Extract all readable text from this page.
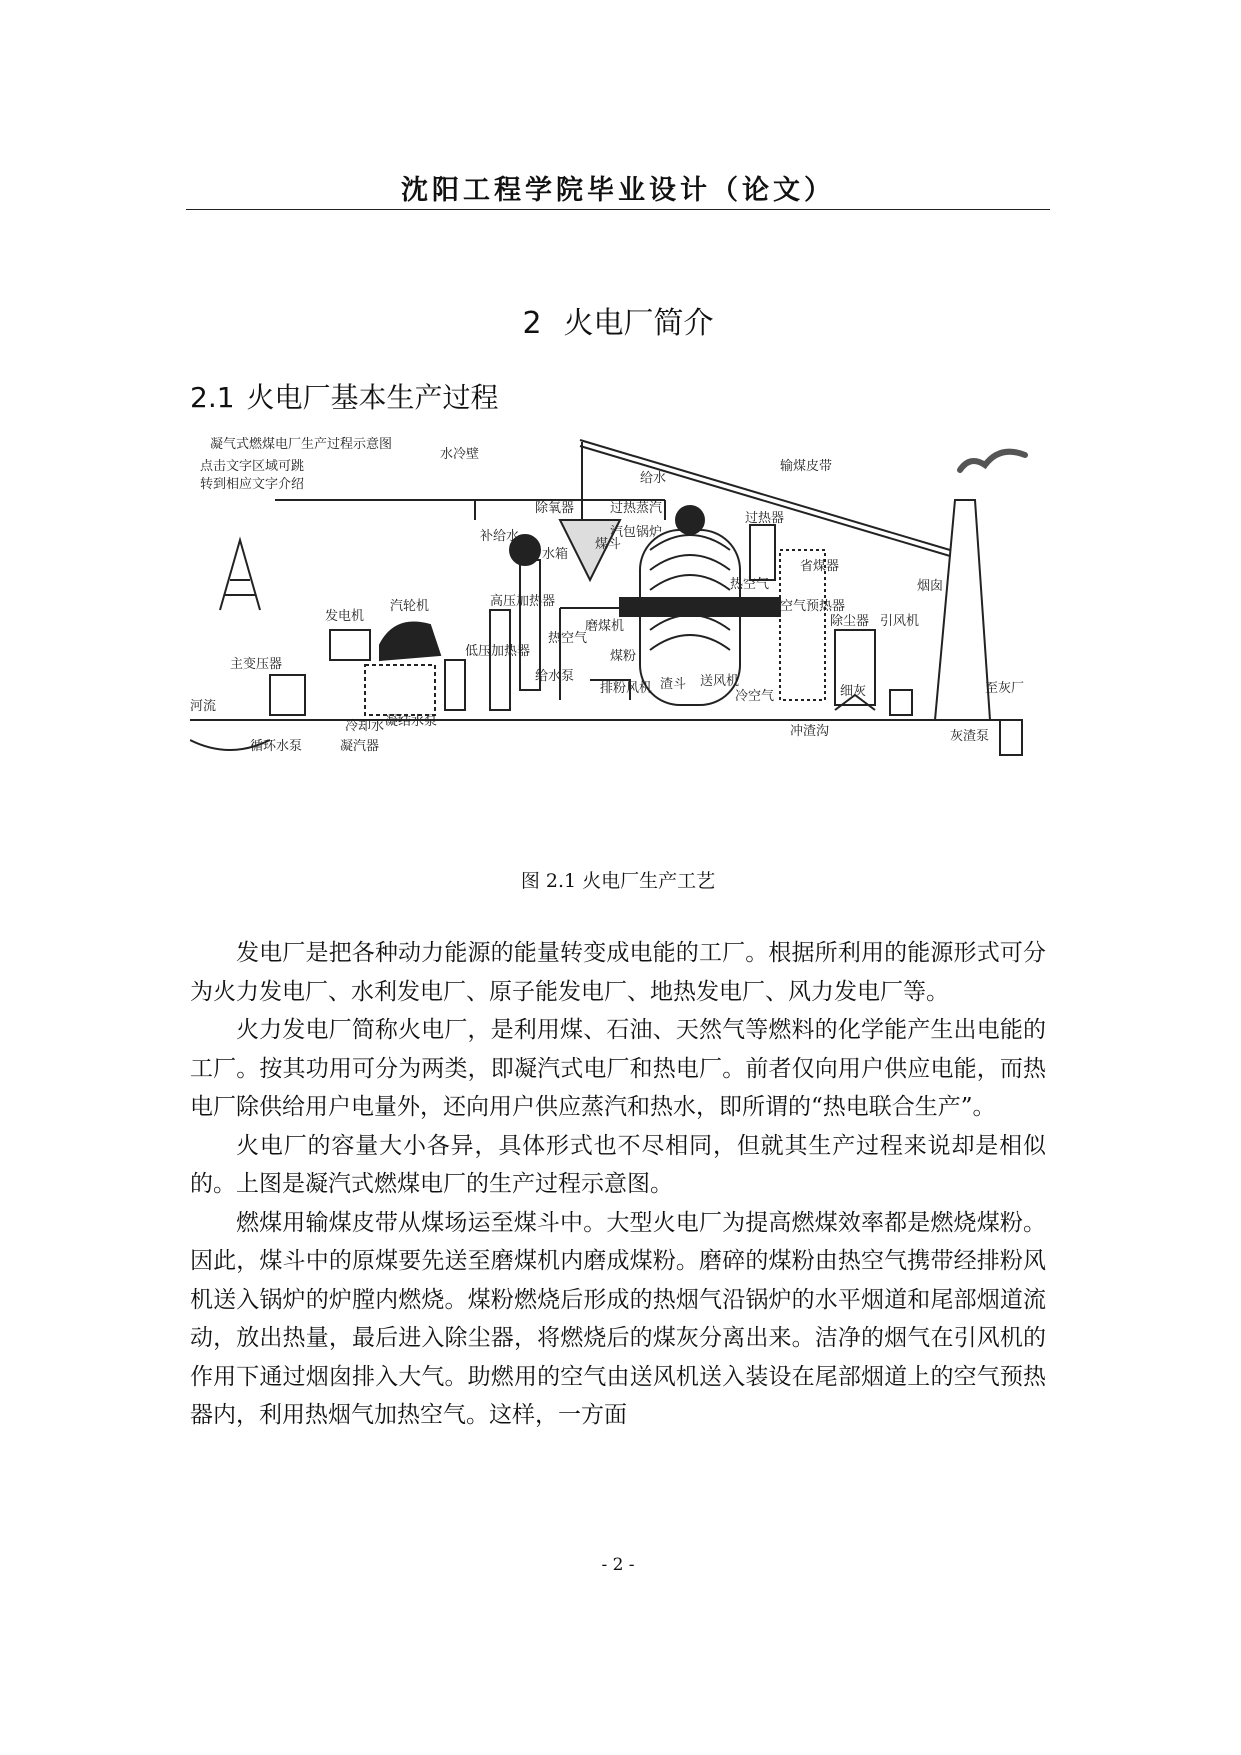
沈阳工程学院毕业设计（论文）
2 火电厂简介
2.1 火电厂基本生产过程
凝气式燃煤电厂生产过程示意图
点击文字区域可跳
转到相应文字介绍
水冷壁
给水
输煤皮带
过热蒸汽
汽包锅炉
过热器
省煤器
烟囱
热空气
空气预热器
除氧器
补给水
水箱
煤斗
发电机
汽轮机	高压加热器
热空气
磨煤机
煤粉
排粉风机 渣斗 送风机
冷空气
除尘器 引风机
细灰	至灰厂
主变压器
河流
冷却水 凝结水泵
低压加热器
给水泵
循环水泵	凝汽器
冲渣沟	灰渣泵
图 2.1 火电厂生产工艺

发电厂是把各种动力能源的能量转变成电能的工厂。根据所利用的能源形式可分为火力发电厂、水利发电厂、原子能发电厂、地热发电厂、风力发电厂等。

火力发电厂简称火电厂，是利用煤、石油、天然气等燃料的化学能产生出电能的工厂。按其功用可分为两类，即凝汽式电厂和热电厂。前者仅向用户供应电能，而热电厂除供给用户电量外，还向用户供应蒸汽和热水，即所谓的“热电联合生产”。

火电厂的容量大小各异，具体形式也不尽相同，但就其生产过程来说却是相似的。上图是凝汽式燃煤电厂的生产过程示意图。

燃煤用输煤皮带从煤场运至煤斗中。大型火电厂为提高燃煤效率都是燃烧煤粉。因此，煤斗中的原煤要先送至磨煤机内磨成煤粉。磨碎的煤粉由热空气携带经排粉风机送入锅炉的炉膛内燃烧。煤粉燃烧后形成的热烟气沿锅炉的水平烟道和尾部烟道流动，放出热量，最后进入除尘器，将燃烧后的煤灰分离出来。洁净的烟气在引风机的作用下通过烟囱排入大气。助燃用的空气由送风机送入装设在尾部烟道上的空气预热器内，利用热烟气加热空气。这样，一方面

- 2 -
